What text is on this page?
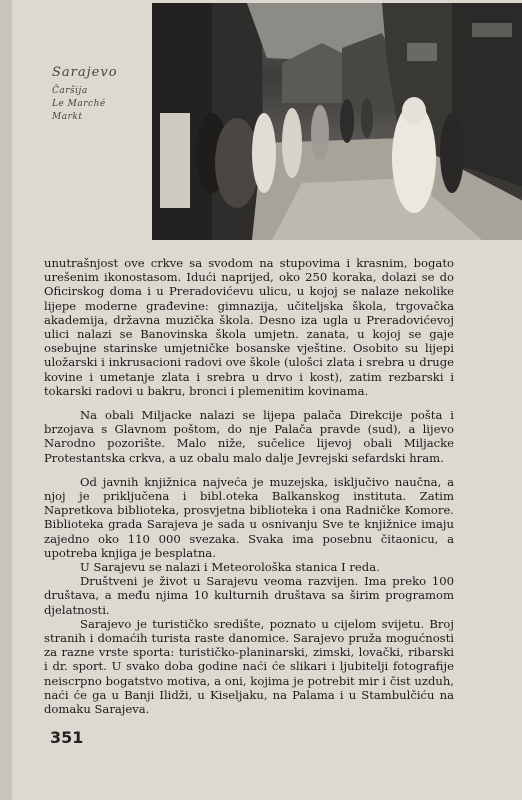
Sarajevo
Čaršija
Le Marché
Markt

unutrašnjost ove crkve sa svodom na stupovima i krasnim, bogato urešenim ikonostasom. Idući naprijed, oko 250 koraka, dolazi se do Oficirskog doma i u Preradovićevu ulicu, u kojoj se nalaze nekolike lijepe moderne građevine: gimnazija, učiteljska škola, trgovačka akademija, državna muzička škola. Desno iza ugla u Preradovićevoj ulici nalazi se Banovinska škola umjetn. zanata, u kojoj se gaje osebujne starinske umjetničke bosanske vještine. Osobito su lijepi uložarski i inkrusacioni radovi ove škole (ulošci zlata i srebra u druge kovine i umetanje zlata i srebra u drvo i kost), zatim rezbarski i tokarski radovi u bakru, bronci i plemenitim kovinama.

Na obali Miljacke nalazi se lijepa palača Direkcije pošta i brzojava s Glavnom poštom, do nje Palača pravde (sud), a lijevo Narodno pozorište. Malo niže, sučelice lijevoj obali Miljacke Protestantska crkva, a uz obalu malo dalje Jevrejski sefardski hram.

Od javnih knjižnica najveća je muzejska, isključivo naučna, a njoj je priključena i bibl.oteka Balkanskog instituta. Zatim Napretkova biblioteka, prosvjetna biblioteka i ona Radničke Komore. Biblioteka grada Sarajeva je sada u osnivanju Sve te knjižnice imaju zajedno oko 110 000 svezaka. Svaka ima posebnu čitaonicu, a upotreba knjiga je besplatna.

U Sarajevu se nalazi i Meteorološka stanica I reda.

Društveni je život u Sarajevu veoma razvijen. Ima preko 100 društava, a među njima 10 kulturnih društava sa širim programom djelatnosti.

Sarajevo je turističko središte, poznato u cijelom svijetu. Broj stranih i domaćih turista raste danomice. Sarajevo pruža mogućnosti za razne vrste sporta: turističko-planinarski, zimski, lovački, ribarski i dr. sport. U svako doba godine naći će slikari i ljubitelji fotografije neiscrpno bogatstvo motiva, a oni, kojima je potrebit mir i čist uzduh, naći će ga u Banji Ilidži, u Kiseljaku, na Palama i u Stambulčiću na domaku Sarajeva.

351
